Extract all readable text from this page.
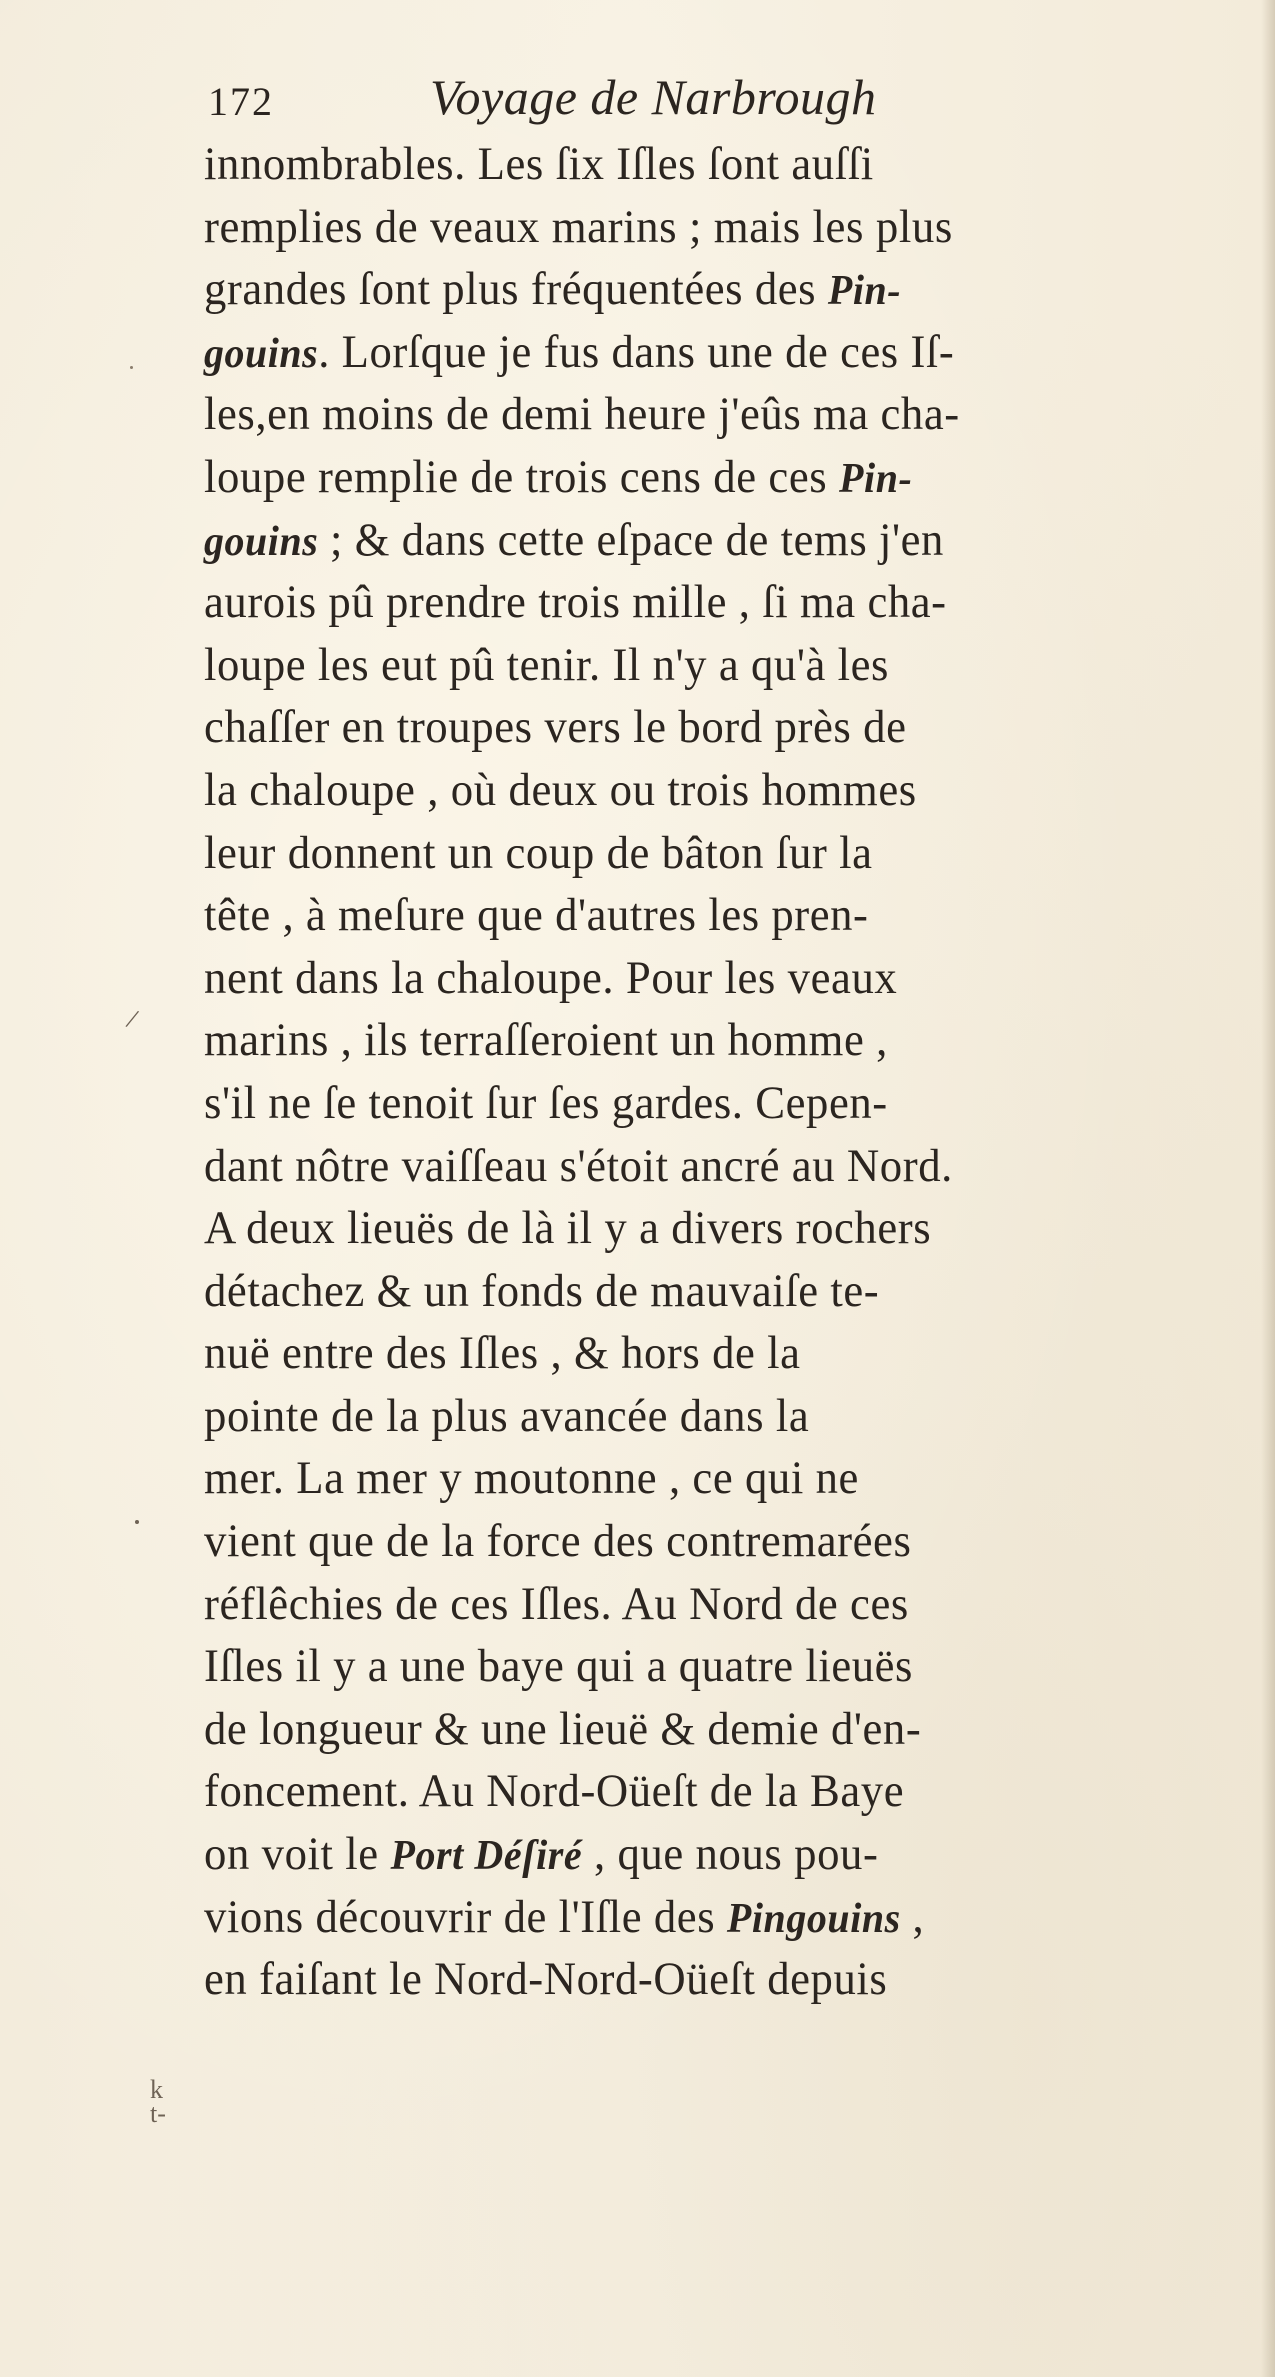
172	Voyage de Narbrough
innombrables. Les ſix Iſles ſont auſſi
remplies de veaux marins ; mais les plus
grandes ſont plus fréquentées des Pin-
gouins. Lorſque je fus dans une de ces Iſ-
les,en moins de demi heure j'eûs ma cha-
loupe remplie de trois cens de ces Pin-
gouins ; & dans cette eſpace de tems j'en
aurois pû prendre trois mille , ſi ma cha-
loupe les eut pû tenir. Il n'y a qu'à les
chaſſer en troupes vers le bord près de
la chaloupe , où deux ou trois hommes
leur donnent un coup de bâton ſur la
tête , à meſure que d'autres les pren-
nent dans la chaloupe. Pour les veaux
marins , ils terraſſeroient un homme ,
s'il ne ſe tenoit ſur ſes gardes. Cepen-
dant nôtre vaiſſeau s'étoit ancré au Nord.
A deux lieuës de là il y a divers rochers
détachez & un fonds de mauvaiſe te-
nuë entre des Iſles , & hors de la
pointe de la plus avancée dans la
mer. La mer y moutonne , ce qui ne
vient que de la force des contremarées
réflêchies de ces Iſles. Au Nord de ces
Iſles il y a une baye qui a quatre lieuës
de longueur & une lieuë & demie d'en-
foncement. Au Nord-Oüeſt de la Baye
on voit le Port Déſiré , que nous pou-
vions découvrir de l'Iſle des Pingouins ,
en faiſant le Nord-Nord-Oüeſt depuis
/
k
t-
